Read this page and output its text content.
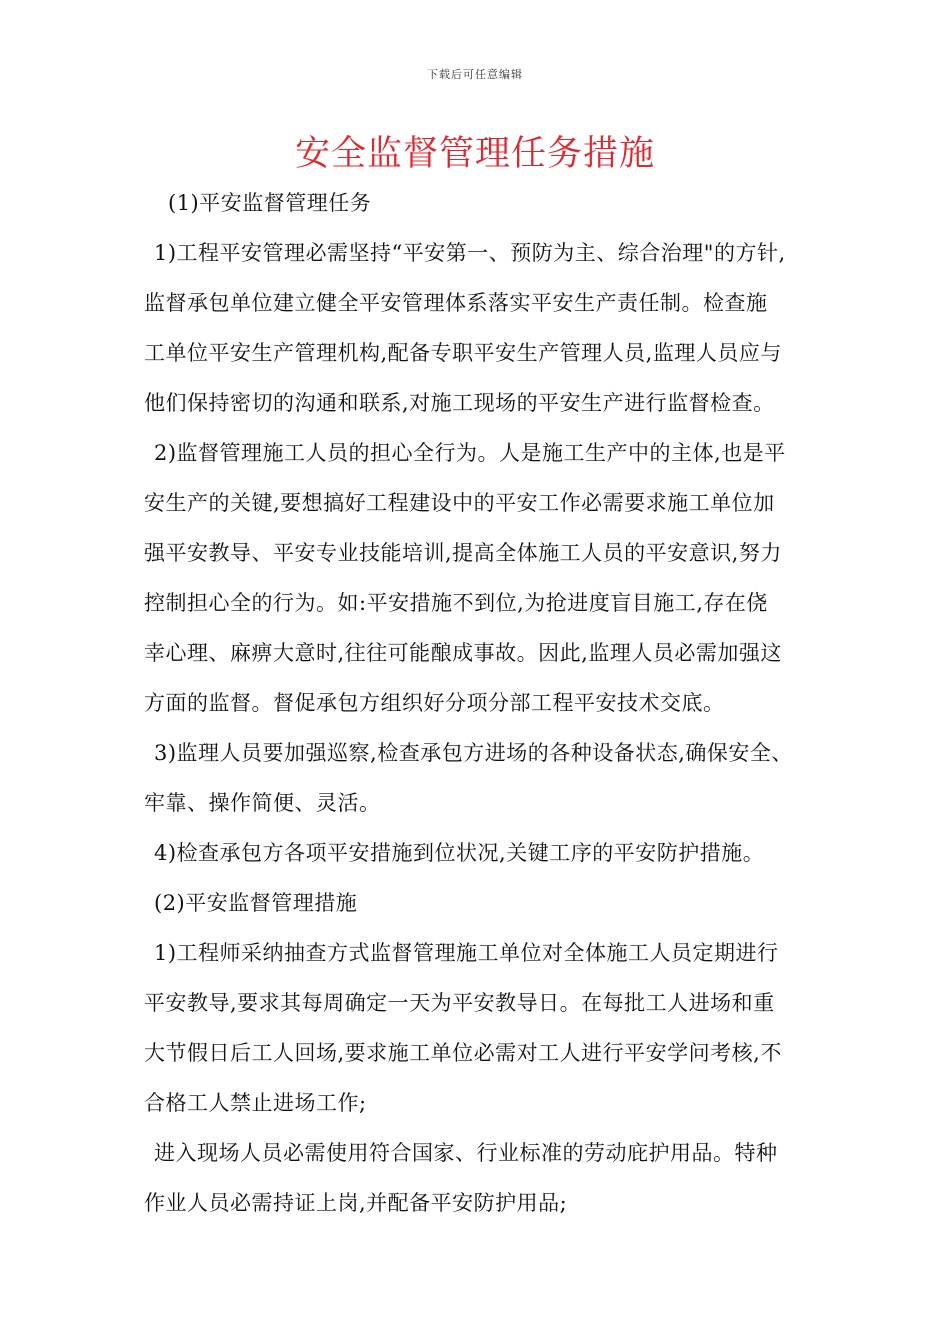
下载后可任意编辑
安全监督管理任务措施
(1)平安监督管理任务
1)工程平安管理必需坚持“平安第一、预防为主、综合治理"的方针,
监督承包单位建立健全平安管理体系落实平安生产责任制。检查施
工单位平安生产管理机构,配备专职平安生产管理人员,监理人员应与
他们保持密切的沟通和联系,对施工现场的平安生产进行监督检查。
2)监督管理施工人员的担心全行为。人是施工生产中的主体,也是平
安生产的关键,要想搞好工程建设中的平安工作必需要求施工单位加
强平安教导、平安专业技能培训,提高全体施工人员的平安意识,努力
控制担心全的行为。如:平安措施不到位,为抢进度盲目施工,存在侥
幸心理、麻痹大意时,往往可能酿成事故。因此,监理人员必需加强这
方面的监督。督促承包方组织好分项分部工程平安技术交底。
3)监理人员要加强巡察,检查承包方进场的各种设备状态,确保安全、
牢靠、操作简便、灵活。
4)检查承包方各项平安措施到位状况,关键工序的平安防护措施。
(2)平安监督管理措施
1)工程师采纳抽查方式监督管理施工单位对全体施工人员定期进行
平安教导,要求其每周确定一天为平安教导日。在每批工人进场和重
大节假日后工人回场,要求施工单位必需对工人进行平安学问考核,不
合格工人禁止进场工作;
进入现场人员必需使用符合国家、行业标准的劳动庇护用品。特种
作业人员必需持证上岗,并配备平安防护用品;
